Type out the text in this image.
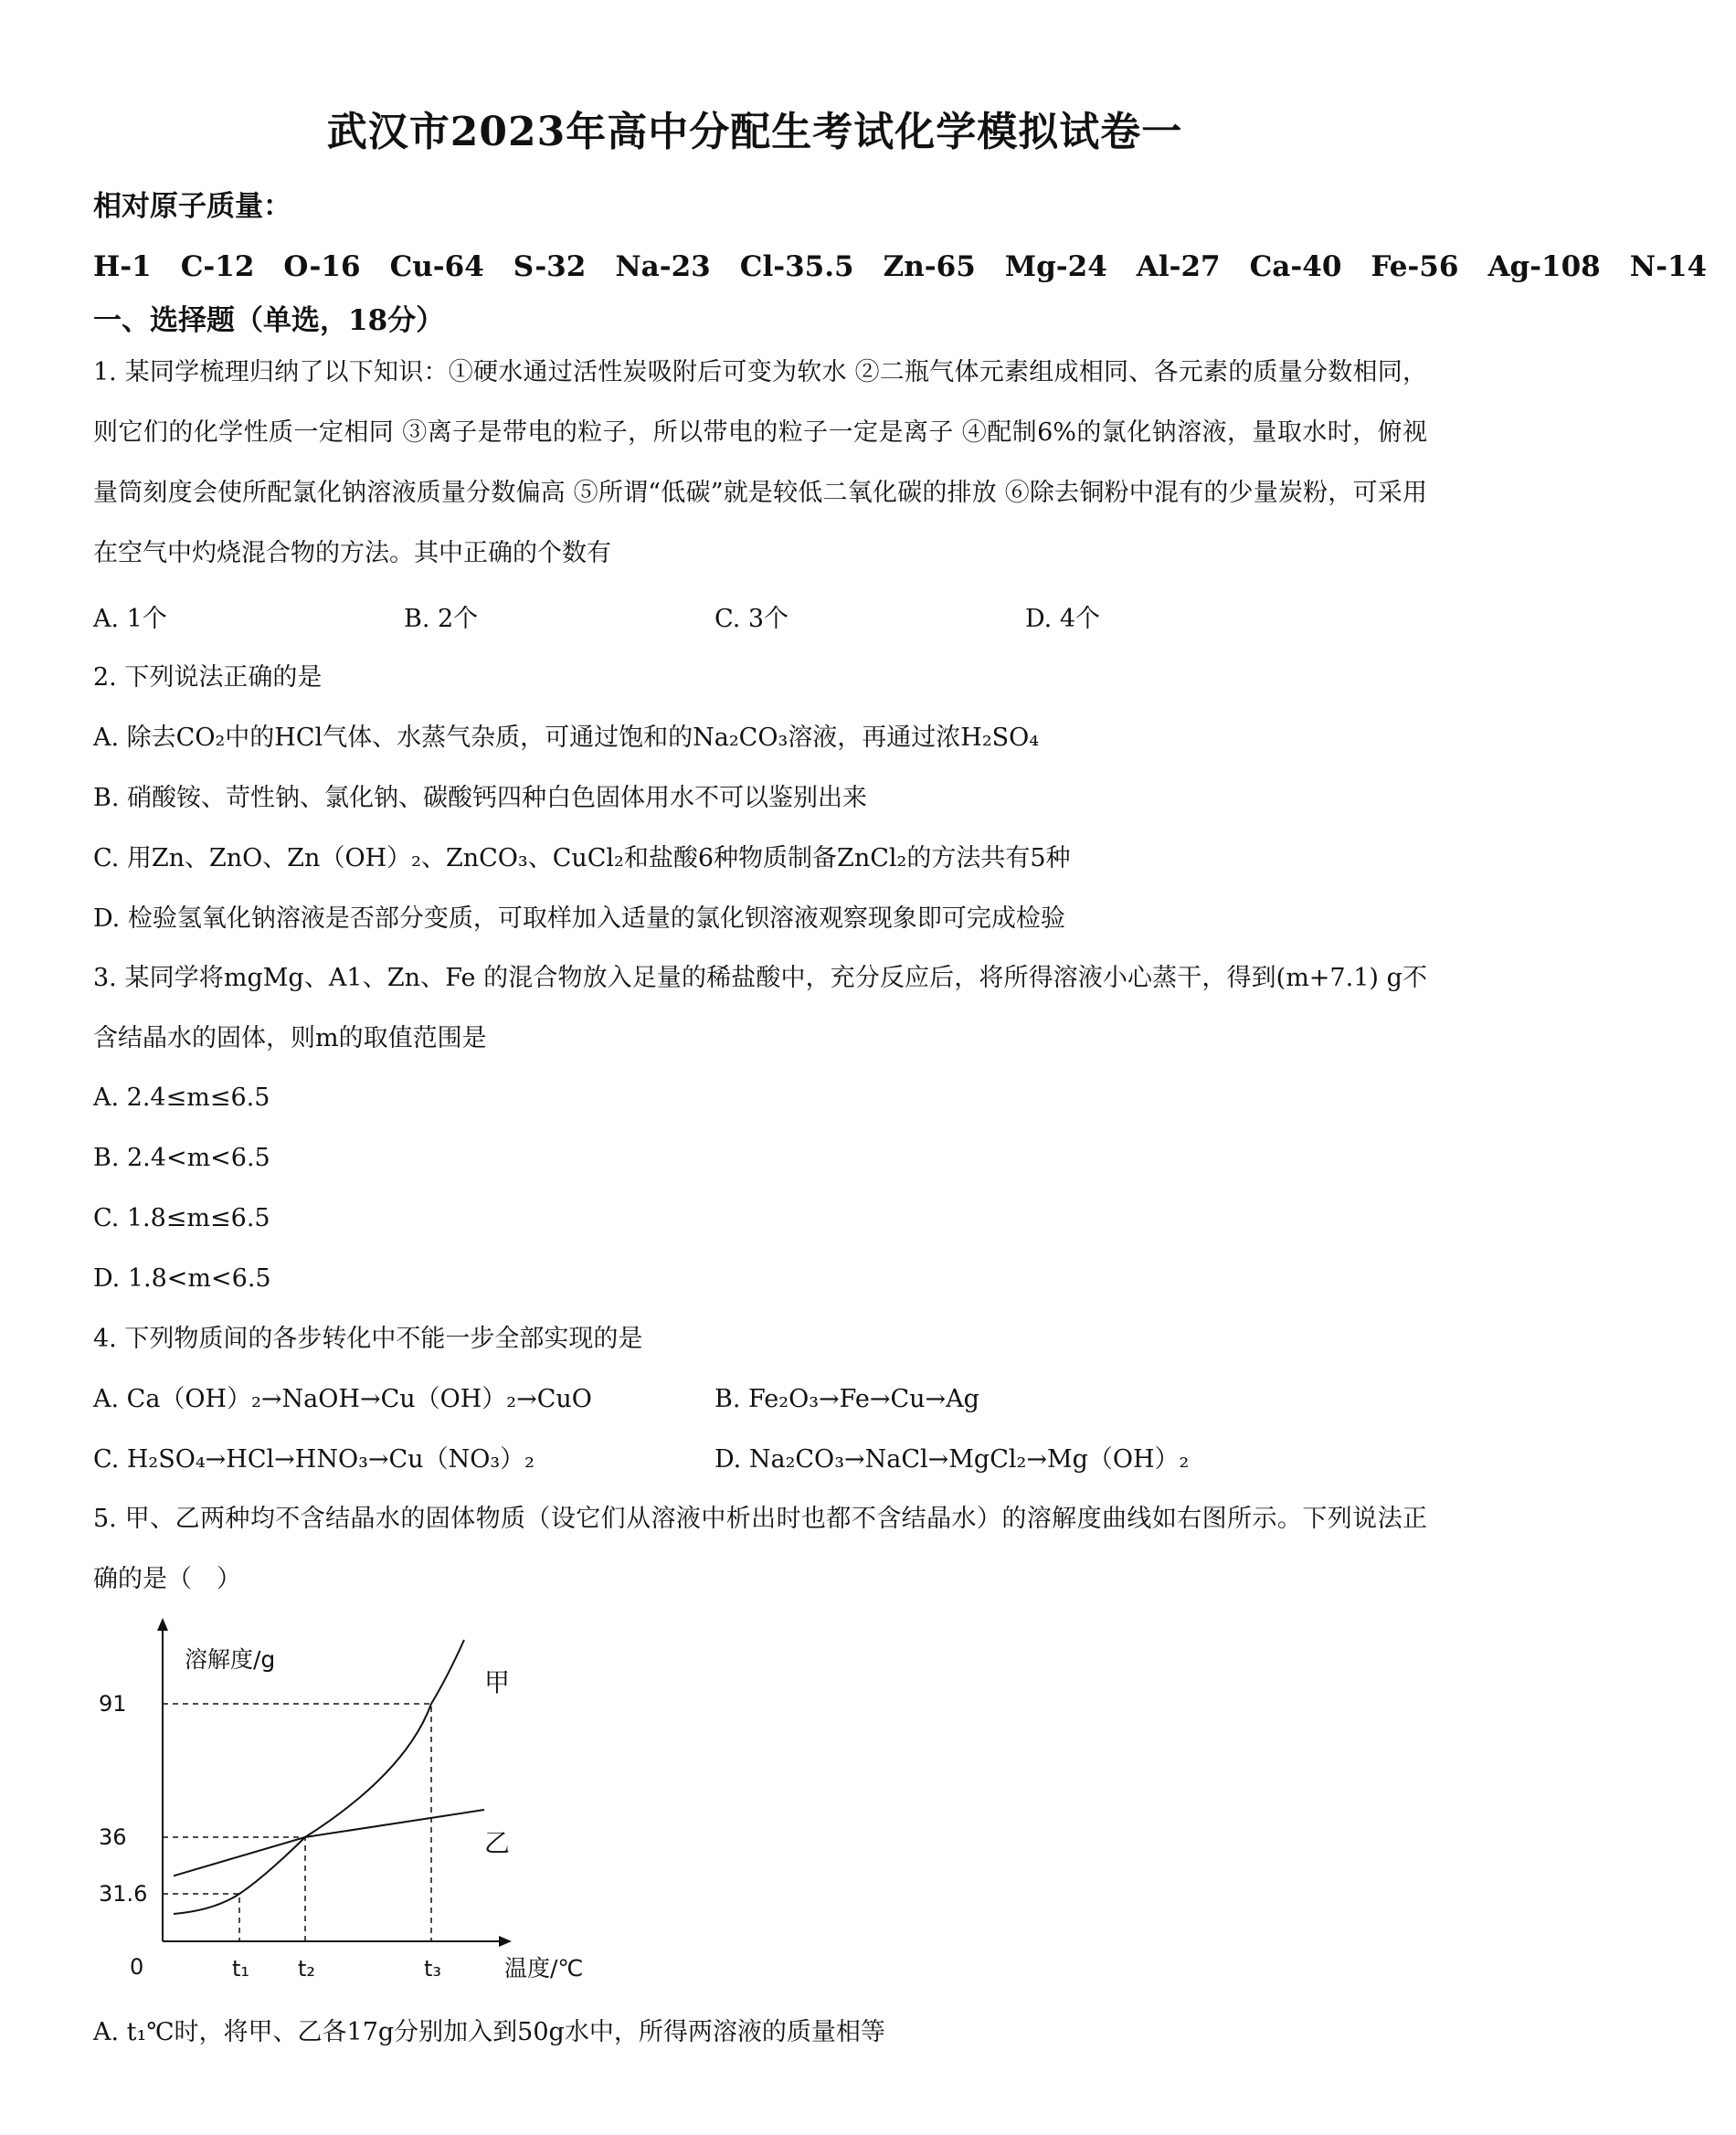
武汉市2023年高中分配生考试化学模拟试卷一

相对原子质量：H-1 C-12 O-16 Cu-64 S-32 Na-23 Cl-35.5 Zn-65 Mg-24 Al-27 Ca-40 Fe-56 Ag-108 N-14

一、选择题（单选，18分）

1. 某同学梳理归纳了以下知识：①硬水通过活性炭吸附后可变为软水 ②二瓶气体元素组成相同、各元素的质量分数相同，则它们的化学性质一定相同 ③离子是带电的粒子，所以带电的粒子一定是离子 ④配制6%的氯化钠溶液，量取水时，俯视量筒刻度会使所配氯化钠溶液质量分数偏高 ⑤所谓“低碳”就是较低二氧化碳的排放 ⑥除去铜粉中混有的少量炭粉，可采用在空气中灼烧混合物的方法。其中正确的个数有

A. 1个	B. 2个	C. 3个	D. 4个

2. 下列说法正确的是

A. 除去CO₂中的HCl气体、水蒸气杂质，可通过饱和的Na₂CO₃溶液，再通过浓H₂SO₄

B. 硝酸铵、苛性钠、氯化钠、碳酸钙四种白色固体用水不可以鉴别出来

C. 用Zn、ZnO、Zn（OH）₂、ZnCO₃、CuCl₂和盐酸6种物质制备ZnCl₂的方法共有5种

D. 检验氢氧化钠溶液是否部分变质，可取样加入适量的氯化钡溶液观察现象即可完成检验

3. 某同学将mgMg、A1、Zn、Fe 的混合物放入足量的稀盐酸中，充分反应后，将所得溶液小心蒸干，得到(m+7.1) g不含结晶水的固体，则m的取值范围是

A. 2.4≤m≤6.5

B. 2.4<m<6.5

C. 1.8≤m≤6.5

D. 1.8<m<6.5

4. 下列物质间的各步转化中不能一步全部实现的是

A. Ca（OH）₂→NaOH→Cu（OH）₂→CuO	B. Fe₂O₃→Fe→Cu→Ag

C. H₂SO₄→HCl→HNO₃→Cu（NO₃）₂	D. Na₂CO₃→NaCl→MgCl₂→Mg（OH）₂

5. 甲、乙两种均不含结晶水的固体物质（设它们从溶液中析出时也都不含结晶水）的溶解度曲线如右图所示。下列说法正确的是（　）

溶解度/g
温度/℃
0
91
36
31.6
t₁ t₂	t₃
甲
乙

A. t₁℃时，将甲、乙各17g分别加入到50g水中，所得两溶液的质量相等
